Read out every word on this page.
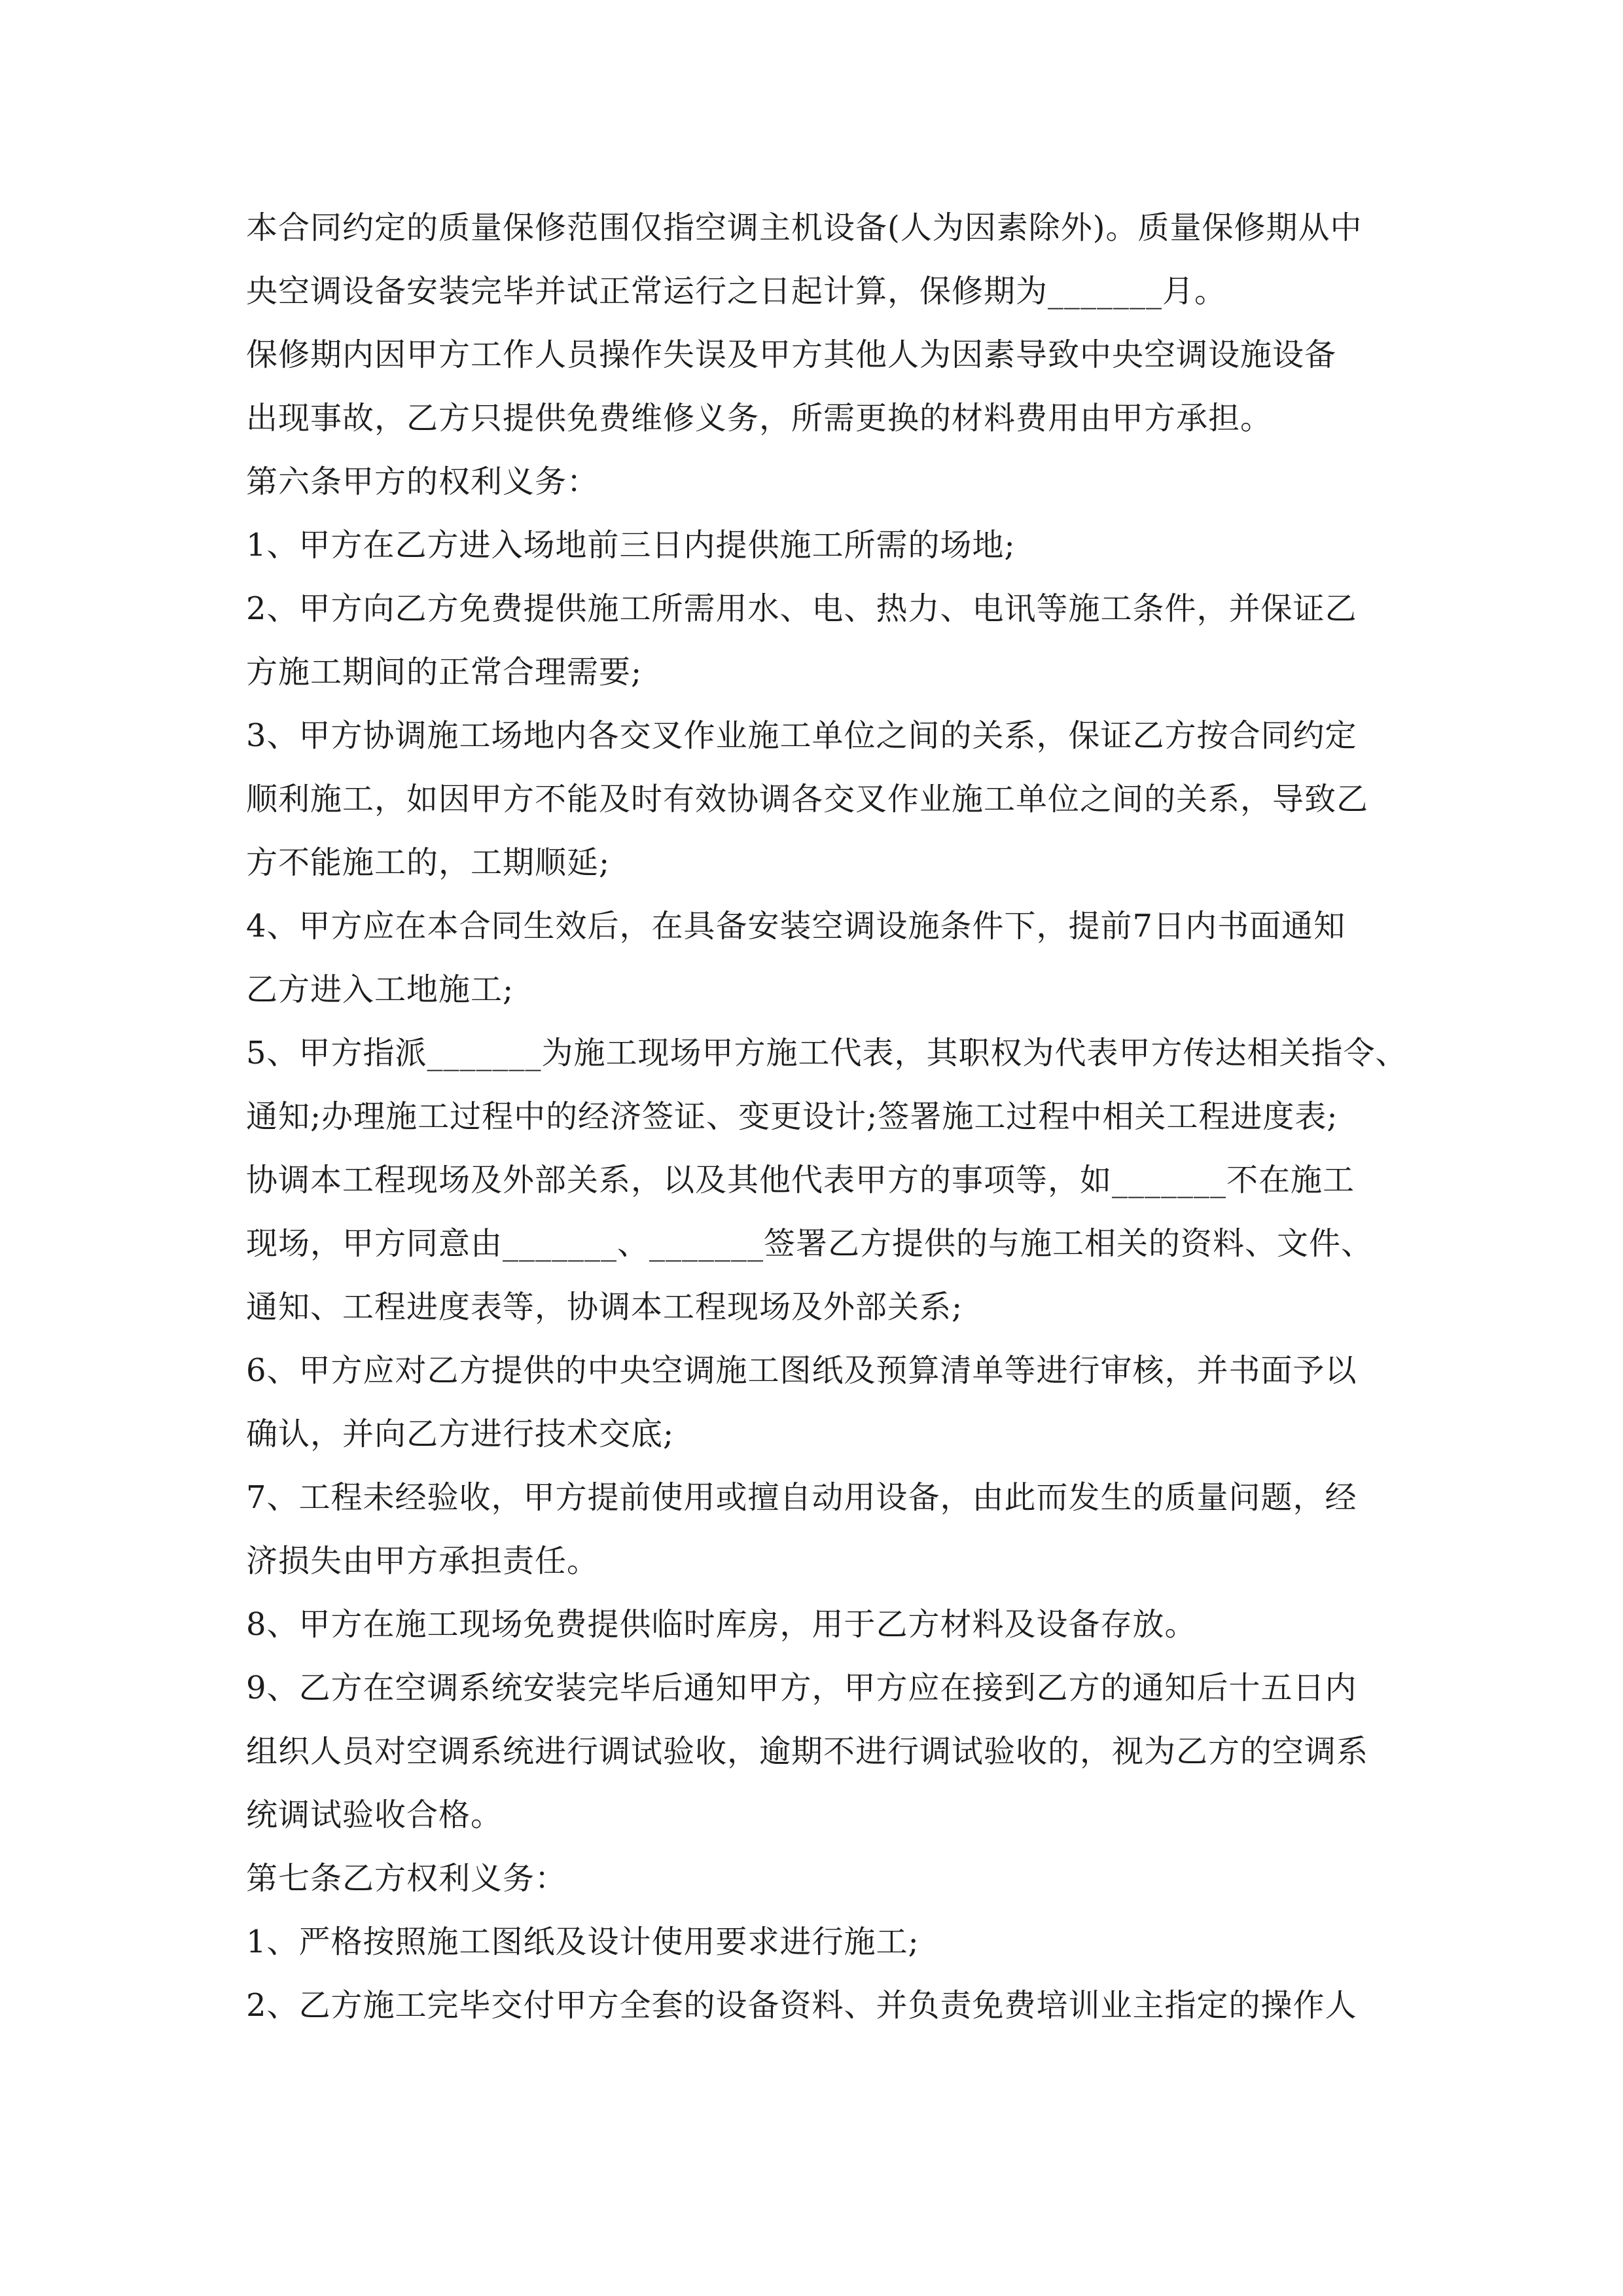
本合同约定的质量保修范围仅指空调主机设备(人为因素除外)。质量保修期从中
央空调设备安装完毕并试正常运行之日起计算，保修期为_______月。
保修期内因甲方工作人员操作失误及甲方其他人为因素导致中央空调设施设备
出现事故，乙方只提供免费维修义务，所需更换的材料费用由甲方承担。
第六条甲方的权利义务：
1、甲方在乙方进入场地前三日内提供施工所需的场地;
2、甲方向乙方免费提供施工所需用水、电、热力、电讯等施工条件，并保证乙
方施工期间的正常合理需要;
3、甲方协调施工场地内各交叉作业施工单位之间的关系，保证乙方按合同约定
顺利施工，如因甲方不能及时有效协调各交叉作业施工单位之间的关系，导致乙
方不能施工的，工期顺延;
4、甲方应在本合同生效后，在具备安装空调设施条件下，提前7日内书面通知
乙方进入工地施工;
5、甲方指派_______为施工现场甲方施工代表，其职权为代表甲方传达相关指令、
通知;办理施工过程中的经济签证、变更设计;签署施工过程中相关工程进度表;
协调本工程现场及外部关系，以及其他代表甲方的事项等，如_______不在施工
现场，甲方同意由_______、_______签署乙方提供的与施工相关的资料、文件、
通知、工程进度表等，协调本工程现场及外部关系;
6、甲方应对乙方提供的中央空调施工图纸及预算清单等进行审核，并书面予以
确认，并向乙方进行技术交底;
7、工程未经验收，甲方提前使用或擅自动用设备，由此而发生的质量问题，经
济损失由甲方承担责任。
8、甲方在施工现场免费提供临时库房，用于乙方材料及设备存放。
9、乙方在空调系统安装完毕后通知甲方，甲方应在接到乙方的通知后十五日内
组织人员对空调系统进行调试验收，逾期不进行调试验收的，视为乙方的空调系
统调试验收合格。
第七条乙方权利义务：
1、严格按照施工图纸及设计使用要求进行施工;
2、乙方施工完毕交付甲方全套的设备资料、并负责免费培训业主指定的操作人
